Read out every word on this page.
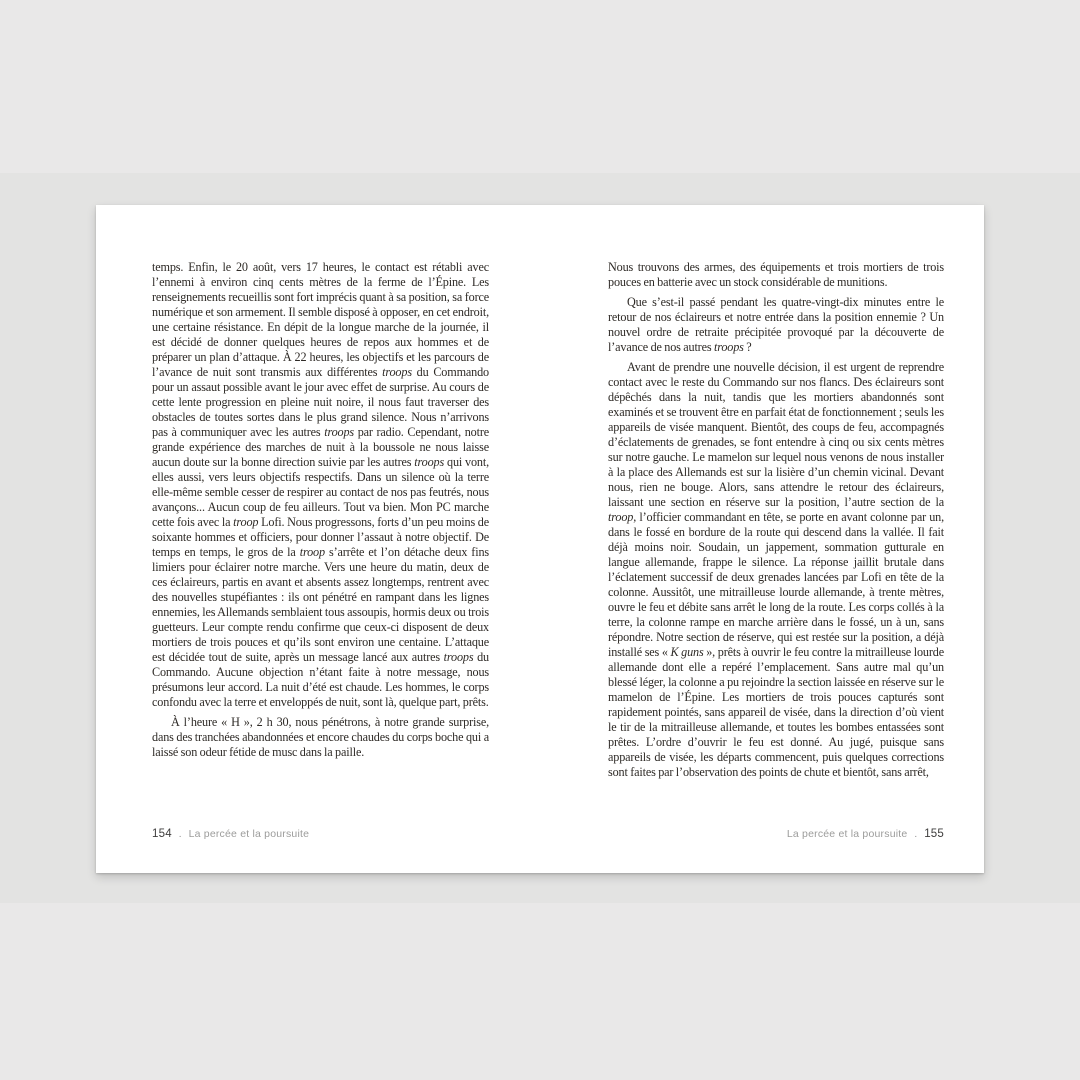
temps. Enfin, le 20 août, vers 17 heures, le contact est rétabli avec l’ennemi à environ cinq cents mètres de la ferme de l’Épine. Les renseignements recueillis sont fort imprécis quant à sa position, sa force numérique et son armement. Il semble disposé à opposer, en cet endroit, une certaine résistance. En dépit de la longue marche de la journée, il est décidé de donner quelques heures de repos aux hommes et de préparer un plan d’attaque. À 22 heures, les objectifs et les parcours de l’avance de nuit sont transmis aux différentes troops du Commando pour un assaut possible avant le jour avec effet de surprise. Au cours de cette lente progression en pleine nuit noire, il nous faut traverser des obstacles de toutes sortes dans le plus grand silence. Nous n’arrivons pas à communiquer avec les autres troops par radio. Cependant, notre grande expérience des marches de nuit à la boussole ne nous laisse aucun doute sur la bonne direction suivie par les autres troops qui vont, elles aussi, vers leurs objectifs respectifs. Dans un silence où la terre elle-même semble cesser de respirer au contact de nos pas feutrés, nous avançons... Aucun coup de feu ailleurs. Tout va bien. Mon PC marche cette fois avec la troop Lofi. Nous progressons, forts d’un peu moins de soixante hommes et officiers, pour donner l’assaut à notre objectif. De temps en temps, le gros de la troop s’arrête et l’on détache deux fins limiers pour éclairer notre marche. Vers une heure du matin, deux de ces éclaireurs, partis en avant et absents assez longtemps, rentrent avec des nouvelles stupéfiantes : ils ont pénétré en rampant dans les lignes ennemies, les Allemands semblaient tous assoupis, hormis deux ou trois guetteurs. Leur compte rendu confirme que ceux-ci disposent de deux mortiers de trois pouces et qu’ils sont environ une centaine. L’attaque est décidée tout de suite, après un message lancé aux autres troops du Commando. Aucune objection n’étant faite à notre message, nous présumons leur accord. La nuit d’été est chaude. Les hommes, le corps confondu avec la terre et enveloppés de nuit, sont là, quelque part, prêts.

À l’heure « H », 2 h 30, nous pénétrons, à notre grande surprise, dans des tranchées abandonnées et encore chaudes du corps boche qui a laissé son odeur fétide de musc dans la paille.

154 . La percée et la poursuite

Nous trouvons des armes, des équipements et trois mortiers de trois pouces en batterie avec un stock considérable de munitions.

Que s’est-il passé pendant les quatre-vingt-dix minutes entre le retour de nos éclaireurs et notre entrée dans la position ennemie ? Un nouvel ordre de retraite précipitée provoqué par la découverte de l’avance de nos autres troops ?

Avant de prendre une nouvelle décision, il est urgent de reprendre contact avec le reste du Commando sur nos flancs. Des éclaireurs sont dépêchés dans la nuit, tandis que les mortiers abandonnés sont examinés et se trouvent être en parfait état de fonctionnement ; seuls les appareils de visée manquent. Bientôt, des coups de feu, accompagnés d’éclatements de grenades, se font entendre à cinq ou six cents mètres sur notre gauche. Le mamelon sur lequel nous venons de nous installer à la place des Allemands est sur la lisière d’un chemin vicinal. Devant nous, rien ne bouge. Alors, sans attendre le retour des éclaireurs, laissant une section en réserve sur la position, l’autre section de la troop, l’officier commandant en tête, se porte en avant colonne par un, dans le fossé en bordure de la route qui descend dans la vallée. Il fait déjà moins noir. Soudain, un jappement, sommation gutturale en langue allemande, frappe le silence. La réponse jaillit brutale dans l’éclatement successif de deux grenades lancées par Lofi en tête de la colonne. Aussitôt, une mitrailleuse lourde allemande, à trente mètres, ouvre le feu et débite sans arrêt le long de la route. Les corps collés à la terre, la colonne rampe en marche arrière dans le fossé, un à un, sans répondre. Notre section de réserve, qui est restée sur la position, a déjà installé ses « K guns », prêts à ouvrir le feu contre la mitrailleuse lourde allemande dont elle a repéré l’emplacement. Sans autre mal qu’un blessé léger, la colonne a pu rejoindre la section laissée en réserve sur le mamelon de l’Épine. Les mortiers de trois pouces capturés sont rapidement pointés, sans appareil de visée, dans la direction d’où vient le tir de la mitrailleuse allemande, et toutes les bombes entassées sont prêtes. L’ordre d’ouvrir le feu est donné. Au jugé, puisque sans appareils de visée, les départs commencent, puis quelques corrections sont faites par l’observation des points de chute et bientôt, sans arrêt,

La percée et la poursuite . 155
